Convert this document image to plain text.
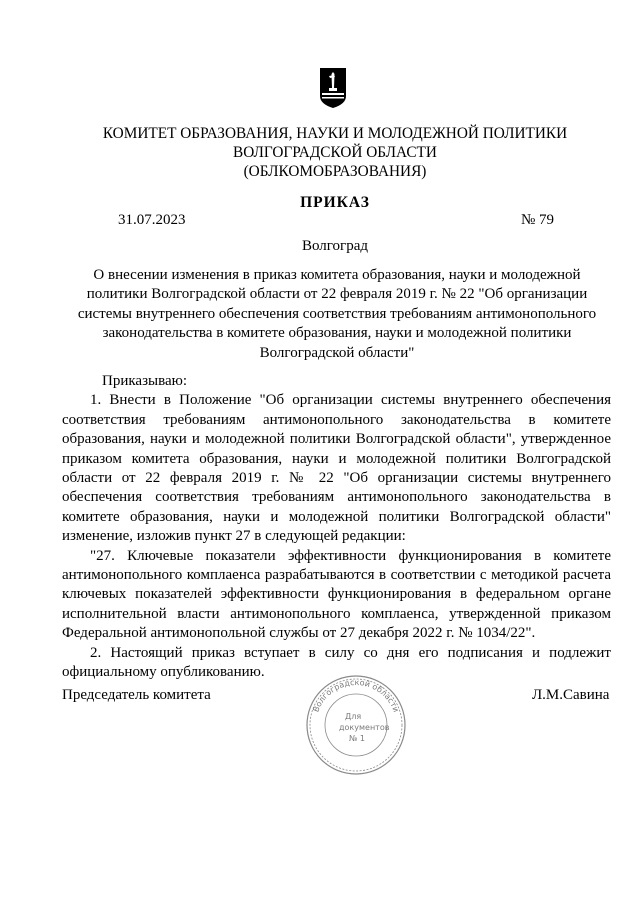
КОМИТЕТ ОБРАЗОВАНИЯ, НАУКИ И МОЛОДЕЖНОЙ ПОЛИТИКИ
ВОЛГОГРАДСКОЙ ОБЛАСТИ
(ОБЛКОМОБРАЗОВАНИЯ)
ПРИКАЗ
31.07.2023	№ 79
Волгоград
О внесении изменения в приказ комитета образования, науки и молодежной политики Волгоградской области от 22 февраля 2019 г. № 22 "Об организации системы внутреннего обеспечения соответствия требованиям антимонопольного законодательства в комитете образования, науки и молодежной политики Волгоградской области"

Приказываю:

1. Внести в Положение "Об организации системы внутреннего обеспечения соответствия требованиям антимонопольного законодательства в комитете образования, науки и молодежной политики Волгоградской области", утвержденное приказом комитета образования, науки и молодежной политики Волгоградской области от 22 февраля 2019 г. № 22 "Об организации системы внутреннего обеспечения соответствия требованиям антимонопольного законодательства в комитете образования, науки и молодежной политики Волгоградской области" изменение, изложив пункт 27 в следующей редакции:

"27. Ключевые показатели эффективности функционирования в комитете антимонопольного комплаенса разрабатываются в соответствии с методикой расчета ключевых показателей эффективности функционирования в федеральном органе исполнительной власти антимонопольного комплаенса, утвержденной приказом Федеральной антимонопольной службы от 27 декабря 2022 г. № 1034/22".

2. Настоящий приказ вступает в силу со дня его подписания и подлежит официальному опубликованию.

Председатель комитета	Л.М.Савина
Волгоградской области
Для
документов
№ 1
